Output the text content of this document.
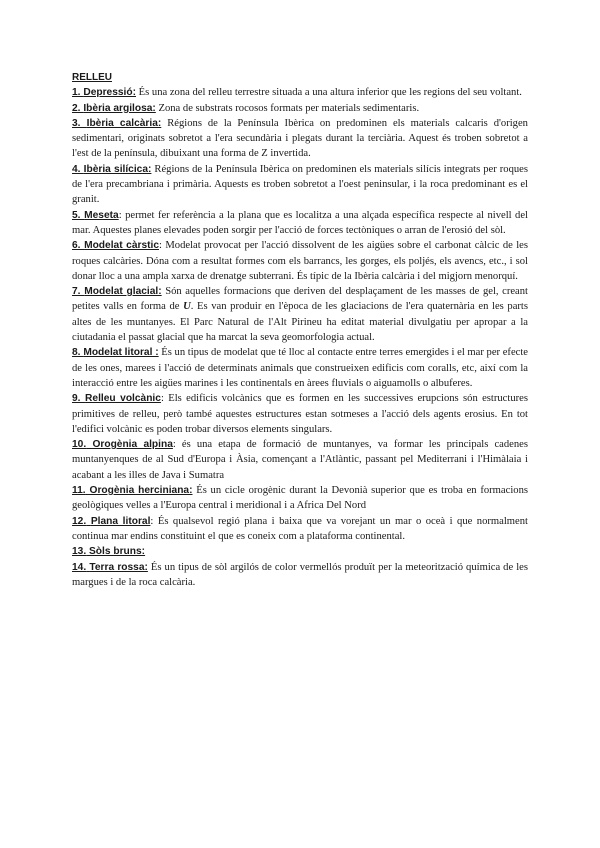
RELLEU

1. Depressió: És una zona del relleu terrestre situada a una altura inferior que les regions del seu voltant.

2. Ibèria argilosa: Zona de substrats rocosos formats per materials sedimentaris.

3. Ibèria calcària: Régions de la Península Ibèrica on predominen els materials calcaris d'origen sedimentari, originats sobretot a l'era secundària i plegats durant la terciària. Aquest és troben sobretot a l'est de la península, dibuixant una forma de Z invertida.

4. Ibèria silícica: Régions de la Península Ibèrica on predominen els materials silícis integrats per roques de l'era precambriana i primària. Aquests es troben sobretot a l'oest peninsular, i la roca predominant es el granit.

5. Meseta: permet fer referència a la plana que es localitza a una alçada específica respecte al nivell del mar. Aquestes planes elevades poden sorgir per l'acció de forces tectòniques o arran de l'erosió del sòl.

6. Modelat càrstic: Modelat provocat per l'acció dissolvent de les aigües sobre el carbonat càlcic de les roques calcàries. Dóna com a resultat formes com els barrancs, les gorges, els poljés, els avencs, etc., i sol donar lloc a una ampla xarxa de drenatge subterrani. És típic de la Ibèria calcària i del migjorn menorquí.

7. Modelat glacial: Són aquelles formacions que deriven del desplaçament de les masses de gel, creant petites valls en forma de U. Es van produir en l'època de les glaciacions de l'era quaternària en les parts altes de les muntanyes. El Parc Natural de l'Alt Pirineu ha editat material divulgatiu per apropar a la ciutadania el passat glacial que ha marcat la seva geomorfologia actual.

8. Modelat litoral : És un tipus de modelat que té lloc al contacte entre terres emergides i el mar per efecte de les ones, marees i l'acció de determinats animals que construeixen edificis com coralls, etc, així com la interacció entre les aigües marines i les continentals en àrees fluvials o aiguamolls o albuferes.

9. Relleu volcànic: Els edificis volcànics que es formen en les successives erupcions són estructures primitives de relleu, però també aquestes estructures estan sotmeses a l'acció dels agents erosius. En tot l'edifici volcànic es poden trobar diversos elements singulars.

10. Orogènia alpina: és una etapa de formació de muntanyes, va formar les principals cadenes muntanyenques de al Sud d'Europa i Àsia, començant a l'Atlàntic, passant pel Mediterrani i l'Himàlaia i acabant a les illes de Java i Sumatra

11. Orogènia herciniana: És un cicle orogènic durant la Devonià superior que es troba en formacions geològiques velles a l'Europa central i meridional i a Africa Del Nord

12. Plana litoral: És qualsevol regió plana i baixa que va vorejant un mar o oceà i que normalment continua mar endins constituint el que es coneix com a plataforma continental.

13. Sòls bruns:

14. Terra rossa: És un tipus de sòl argilós de color vermellós produït per la meteorització química de les margues i de la roca calcària.
